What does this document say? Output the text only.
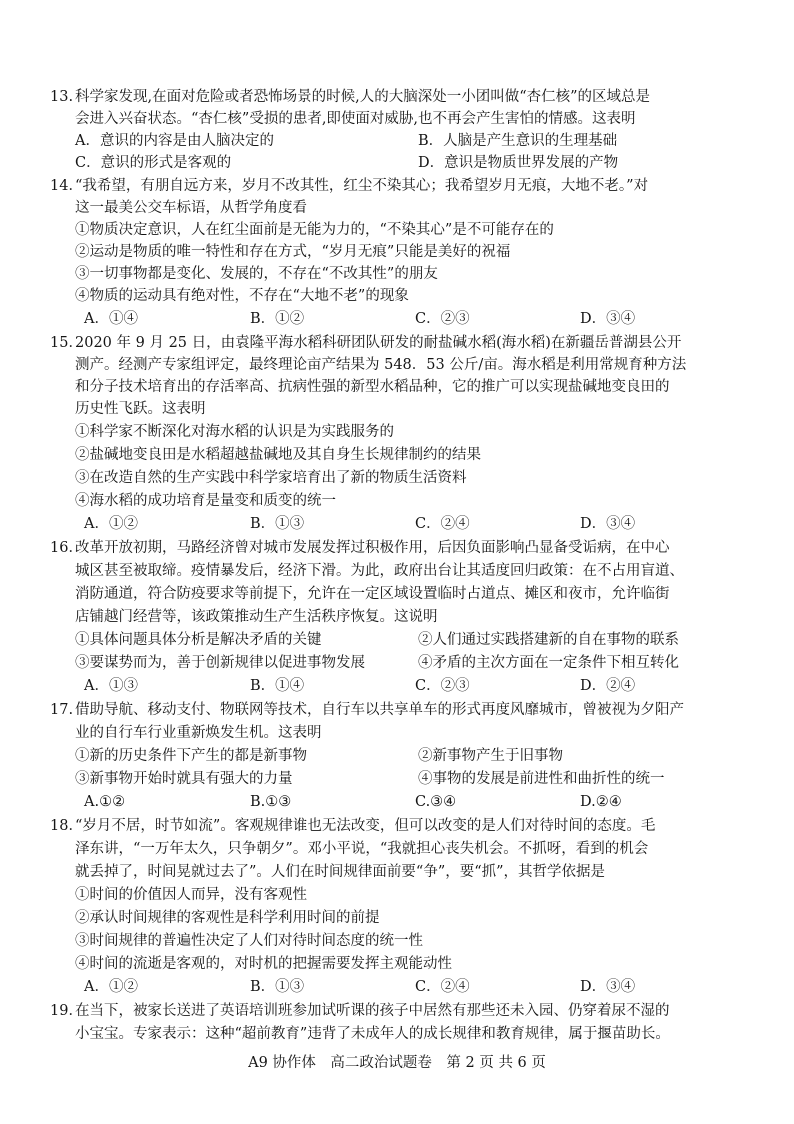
13. 科学家发现,在面对危险或者恐怖场景的时候,人的大脑深处一小团叫做“杏仁核”的区域总是
会进入兴奋状态。“杏仁核”受损的患者,即使面对威胁,也不再会产生害怕的情感。这表明
A．意识的内容是由人脑决定的	B．人脑是产生意识的生理基础
C．意识的形式是客观的	D．意识是物质世界发展的产物
14．
“我希望，有朋自远方来，岁月不改其性，红尘不染其心；我希望岁月无痕，大地不老。”对
这一最美公交车标语，从哲学角度看
①物质决定意识，人在红尘面前是无能为力的，“不染其心”是不可能存在的
②运动是物质的唯一特性和存在方式，“岁月无痕”只能是美好的祝福
③一切事物都是变化、发展的，不存在“不改其性”的朋友
④物质的运动具有绝对性，不存在“大地不老”的现象
A．①④	B．①②	C．②③	D．③④
15．
2020 年 9 月 25 日，由袁隆平海水稻科研团队研发的耐盐碱水稻(海水稻)在新疆岳普湖县公开
测产。经测产专家组评定，最终理论亩产结果为 548．53 公斤/亩。海水稻是利用常规育种方法
和分子技术培育出的存活率高、抗病性强的新型水稻品种，它的推广可以实现盐碱地变良田的
历史性飞跃。这表明
①科学家不断深化对海水稻的认识是为实践服务的
②盐碱地变良田是水稻超越盐碱地及其自身生长规律制约的结果
③在改造自然的生产实践中科学家培育出了新的物质生活资料
④海水稻的成功培育是量变和质变的统一
A．①②	B．①③	C．②④	D．③④
16．
改革开放初期，马路经济曾对城市发展发挥过积极作用，后因负面影响凸显备受诟病，在中心
城区甚至被取缔。疫情暴发后，经济下滑。为此，政府出台让其适度回归政策：在不占用盲道、
消防通道，符合防疫要求等前提下，允许在一定区域设置临时占道点、摊区和夜市，允许临街
店铺越门经营等，该政策推动生产生活秩序恢复。这说明
①具体问题具体分析是解决矛盾的关键	②人们通过实践搭建新的自在事物的联系
③要谋势而为，善于创新规律以促进事物发展	④矛盾的主次方面在一定条件下相互转化
A．①③	B．①④	C．②③	D．②④
17. 借助导航、移动支付、物联网等技术，自行车以共享单车的形式再度风靡城市，曾被视为夕阳产
业的自行车行业重新焕发生机。这表明
①新的历史条件下产生的都是新事物	②新事物产生于旧事物
③新事物开始时就具有强大的力量	④事物的发展是前进性和曲折性的统一
A.①②	B.①③	C.③④	D.②④
18．
“岁月不居，时节如流”。客观规律谁也无法改变，但可以改变的是人们对待时间的态度。毛
泽东讲，“一万年太久，只争朝夕”。邓小平说，“我就担心丧失机会。不抓呀，看到的机会
就丢掉了，时间晃就过去了”。人们在时间规律面前要“争”，要“抓”，其哲学依据是
①时间的价值因人而异，没有客观性
②承认时间规律的客观性是科学利用时间的前提
③时间规律的普遍性决定了人们对待时间态度的统一性
④时间的流逝是客观的，对时机的把握需要发挥主观能动性
A．①②	B．①③	C．②④	D．③④
19．
在当下，被家长送进了英语培训班参加试听课的孩子中居然有那些还未入园、仍穿着尿不湿的
小宝宝。专家表示：这种“超前教育”违背了未成年人的成长规律和教育规律，属于揠苗助长。
A9 协作体　高二政治试题卷　第 2 页 共 6 页
